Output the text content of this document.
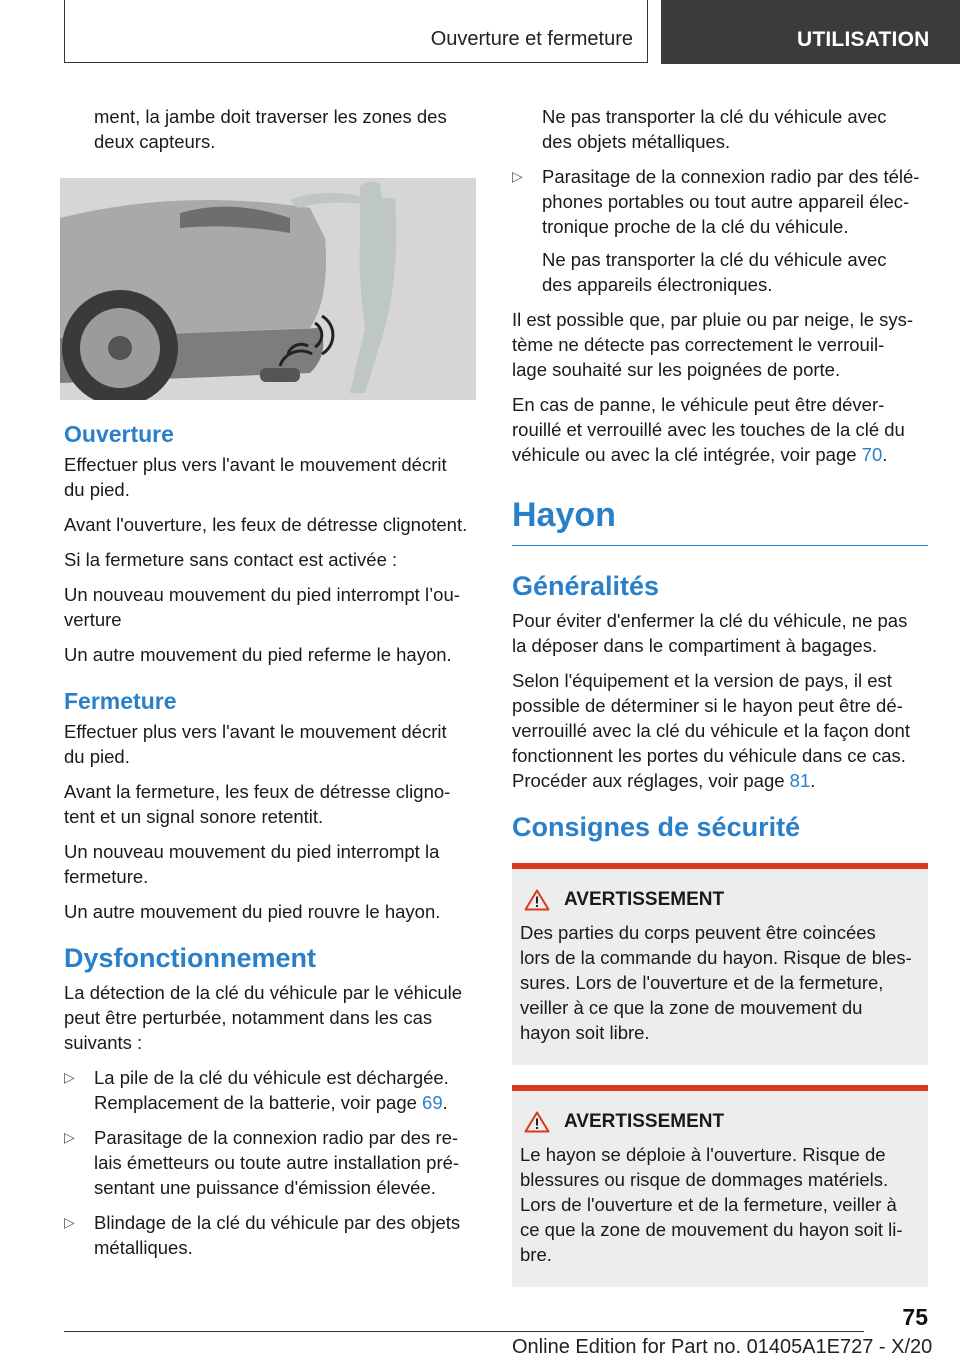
Ouverture et fermeture	UTILISATION

ment, la jambe doit traverser les zones des
deux capteurs.

Ouverture

Effectuer plus vers l'avant le mouvement décrit
du pied.

Avant l'ouverture, les feux de détresse clignotent.

Si la fermeture sans contact est activée :

Un nouveau mouvement du pied interrompt l’ou‐
verture

Un autre mouvement du pied referme le hayon.

Fermeture

Effectuer plus vers l'avant le mouvement décrit
du pied.

Avant la fermeture, les feux de détresse cligno‐
tent et un signal sonore retentit.

Un nouveau mouvement du pied interrompt la
fermeture.

Un autre mouvement du pied rouvre le hayon.

Dysfonctionnement

La détection de la clé du véhicule par le véhicule
peut être perturbée, notamment dans les cas
suivants :

▷ La pile de la clé du véhicule est déchargée.
Remplacement de la batterie, voir page 69.
▷ Parasitage de la connexion radio par des re‐
lais émetteurs ou toute autre installation pré‐
sentant une puissance d'émission élevée.
▷ Blindage de la clé du véhicule par des objets
métalliques.

Ne pas transporter la clé du véhicule avec
des objets métalliques.

▷ Parasitage de la connexion radio par des télé‐
phones portables ou tout autre appareil élec‐
tronique proche de la clé du véhicule.
Ne pas transporter la clé du véhicule avec
des appareils électroniques.

Il est possible que, par pluie ou par neige, le sys‐
tème ne détecte pas correctement le verrouil‐
lage souhaité sur les poignées de porte.

En cas de panne, le véhicule peut être déver‐
rouillé et verrouillé avec les touches de la clé du
véhicule ou avec la clé intégrée, voir page 70.

Hayon
Généralités

Pour éviter d'enfermer la clé du véhicule, ne pas
la déposer dans le compartiment à bagages.

Selon l'équipement et la version de pays, il est
possible de déterminer si le hayon peut être dé‐
verrouillé avec la clé du véhicule et la façon dont
fonctionnent les portes du véhicule dans ce cas.
Procéder aux réglages, voir page 81.

Consignes de sécurité
AVERTISSEMENT

Des parties du corps peuvent être coincées
lors de la commande du hayon. Risque de bles‐
sures. Lors de l'ouverture et de la fermeture,
veiller à ce que la zone de mouvement du
hayon soit libre.

AVERTISSEMENT

Le hayon se déploie à l'ouverture. Risque de
blessures ou risque de dommages matériels.
Lors de l'ouverture et de la fermeture, veiller à
ce que la zone de mouvement du hayon soit li‐
bre.

75
Online Edition for Part no. 01405A1E727 - X/20
